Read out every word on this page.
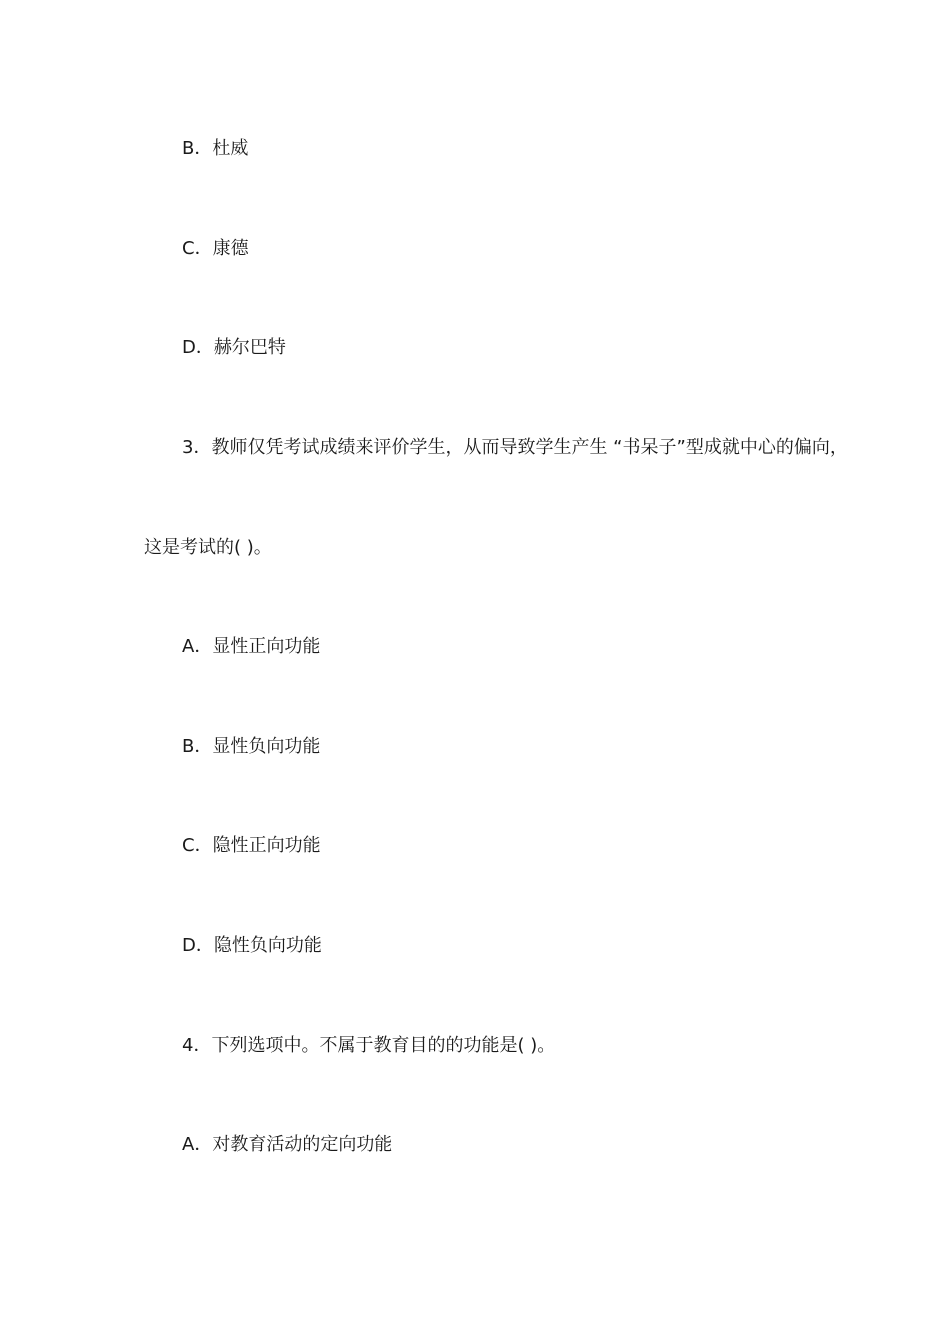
B．杜威
C．康德
D．赫尔巴特
3．教师仅凭考试成绩来评价学生，从而导致学生产生 “书呆子”型成就中心的偏向，
这是考试的( )。
A．显性正向功能
B．显性负向功能
C．隐性正向功能
D．隐性负向功能
4．下列选项中。不属于教育目的的功能是( )。
A．对教育活动的定向功能
